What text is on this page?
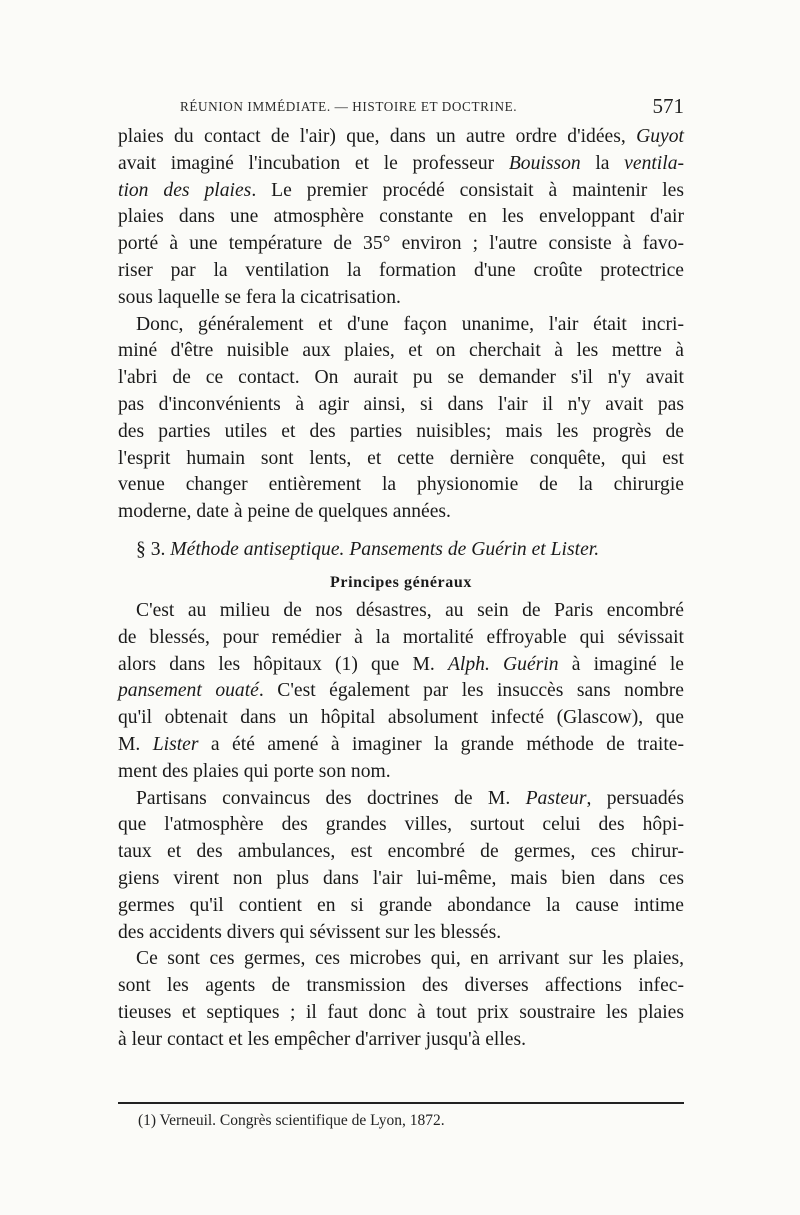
RÉUNION IMMÉDIATE. — HISTOIRE ET DOCTRINE.	571
plaies du contact de l'air) que, dans un autre ordre d'idées, Guyot
avait imaginé l'incubation et le professeur Bouisson la ventila-
tion des plaies. Le premier procédé consistait à maintenir les
plaies dans une atmosphère constante en les enveloppant d'air
porté à une température de 35° environ ; l'autre consiste à favo-
riser par la ventilation la formation d'une croûte protectrice
sous laquelle se fera la cicatrisation.
Donc, généralement et d'une façon unanime, l'air était incri-
miné d'être nuisible aux plaies, et on cherchait à les mettre à
l'abri de ce contact. On aurait pu se demander s'il n'y avait
pas d'inconvénients à agir ainsi, si dans l'air il n'y avait pas
des parties utiles et des parties nuisibles; mais les progrès de
l'esprit humain sont lents, et cette dernière conquête, qui est
venue changer entièrement la physionomie de la chirurgie
moderne, date à peine de quelques années.
§ 3. Méthode antiseptique. Pansements de Guérin et Lister.
Principes généraux
C'est au milieu de nos désastres, au sein de Paris encombré
de blessés, pour remédier à la mortalité effroyable qui sévissait
alors dans les hôpitaux (1) que M. Alph. Guérin à imaginé le
pansement ouaté. C'est également par les insuccès sans nombre
qu'il obtenait dans un hôpital absolument infecté (Glascow), que
M. Lister a été amené à imaginer la grande méthode de traite-
ment des plaies qui porte son nom.
Partisans convaincus des doctrines de M. Pasteur, persuadés
que l'atmosphère des grandes villes, surtout celui des hôpi-
taux et des ambulances, est encombré de germes, ces chirur-
giens virent non plus dans l'air lui-même, mais bien dans ces
germes qu'il contient en si grande abondance la cause intime
des accidents divers qui sévissent sur les blessés.
Ce sont ces germes, ces microbes qui, en arrivant sur les plaies,
sont les agents de transmission des diverses affections infec-
tieuses et septiques ; il faut donc à tout prix soustraire les plaies
à leur contact et les empêcher d'arriver jusqu'à elles.
(1) Verneuil. Congrès scientifique de Lyon, 1872.
